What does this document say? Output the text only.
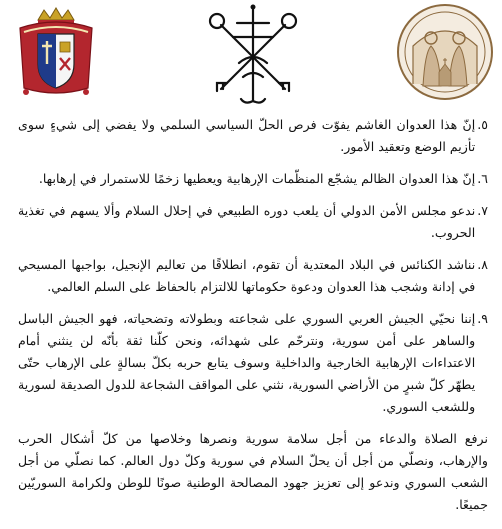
٥.
إنّ هذا العدوان الغاشم يفوّت فرص الحلّ السياسي السلمي ولا يفضي إلى شيءٍ سوى تأزيم الوضع وتعقيد الأمور.
٦.
إنّ هذا العدوان الظالم يشجّع المنظّمات الإرهابية ويعطيها زخمًا للاستمرار في إرهابها.
٧.
ندعو مجلس الأمن الدولي أن يلعب دوره الطبيعي في إحلال السلام وألا يسهم في تغذية الحروب.
٨.
نناشد الكنائس في البلاد المعتدية أن تقوم، انطلاقًا من تعاليم الإنجيل، بواجبها المسيحي في إدانة وشجب هذا العدوان ودعوة حكوماتها للالتزام بالحفاظ على السلم العالمي.
٩.
إننا نحيّي الجيش العربي السوري على شجاعته وبطولاته وتضحياته، فهو الجيش الباسل والساهر على أمن سورية، ونترحّم على شهدائه، ونحن كلّنا ثقة بأنّه لن ينثني أمام الاعتداءات الإرهابية الخارجية والداخلية وسوف يتابع حربه بكلّ بسالةٍ على الإرهاب حتّى يطهّر كلّ شبرٍ من الأراضي السورية، نثني على المواقف الشجاعة للدول الصديقة لسورية وللشعب السوري.

نرفع الصلاة والدعاء من أجل سلامة سورية ونصرها وخلاصها من كلّ أشكال الحرب والإرهاب، ونصلّي من أجل أن يحلّ السلام في سورية وكلّ دول العالم. كما نصلّي من أجل الشعب السوري وندعو إلى تعزيز جهود المصالحة الوطنية صونًا للوطن ولكرامة السوريّين جميعًا.
